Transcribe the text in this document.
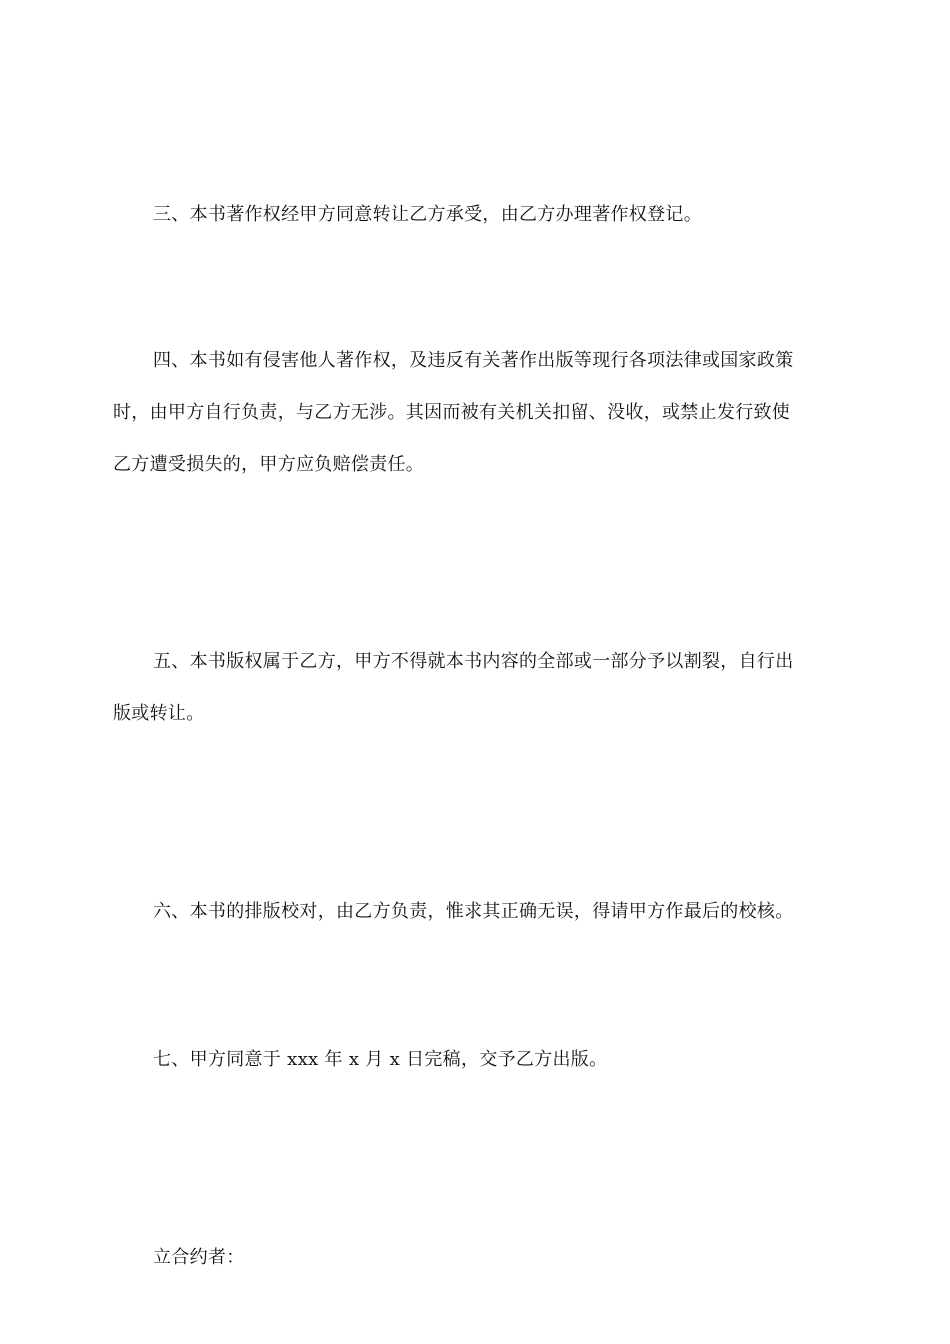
三、本书著作权经甲方同意转让乙方承受，由乙方办理著作权登记。

四、本书如有侵害他人著作权，及违反有关著作出版等现行各项法律或国家政策
时，由甲方自行负责，与乙方无涉。其因而被有关机关扣留、没收，或禁止发行致使
乙方遭受损失的，甲方应负赔偿责任。

五、本书版权属于乙方，甲方不得就本书内容的全部或一部分予以割裂，自行出
版或转让。

六、本书的排版校对，由乙方负责，惟求其正确无误，得请甲方作最后的校核。

七、甲方同意于 xxx 年 x 月 x 日完稿，交予乙方出版。

立合约者：
